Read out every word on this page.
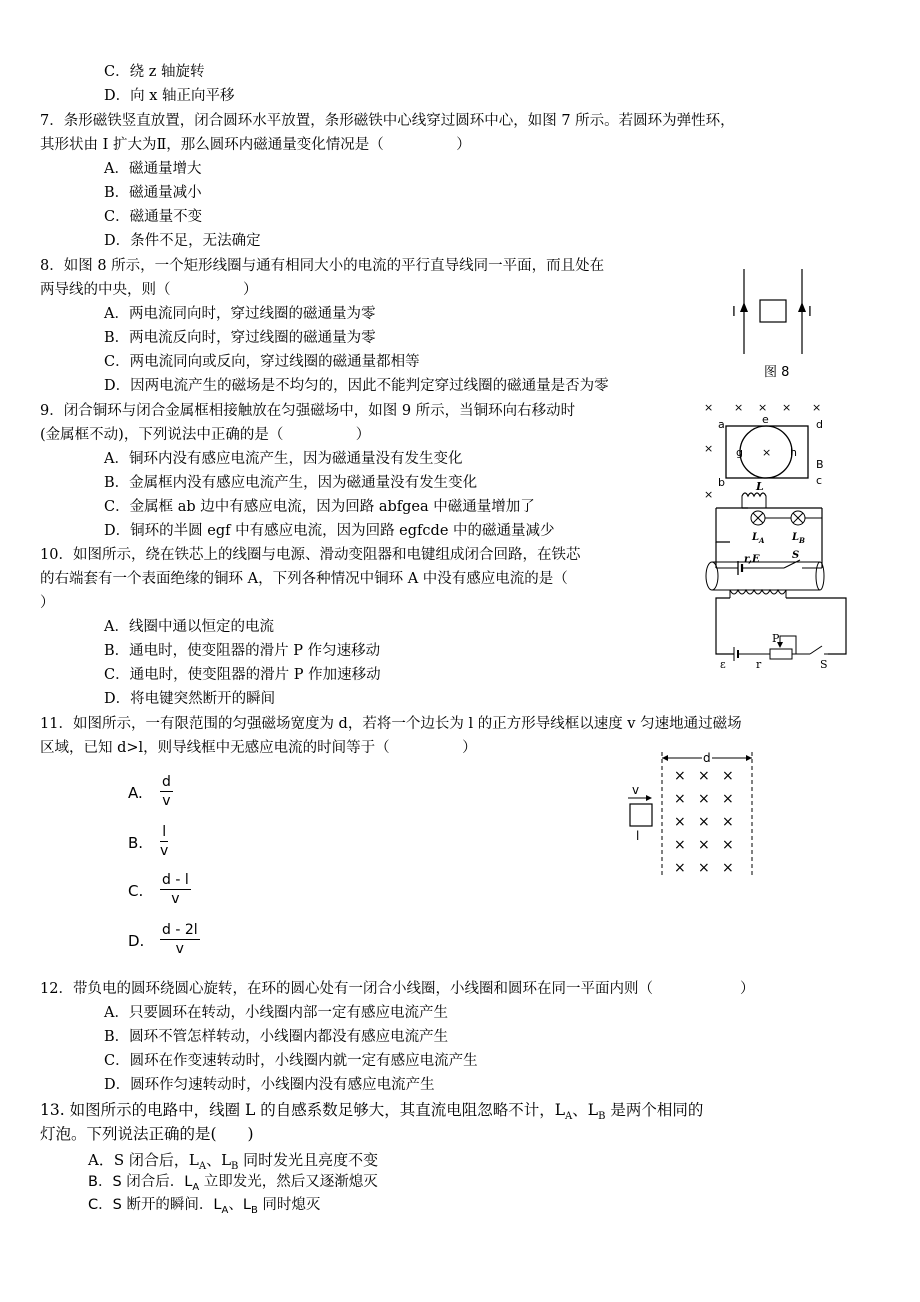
C．绕 z 轴旋转
D．向 x 轴正向平移
7．条形磁铁竖直放置，闭合圆环水平放置，条形磁铁中心线穿过圆环中心，如图 7 所示。若圆环为弹性环，
其形状由 I 扩大为Ⅱ，那么圆环内磁通量变化情况是（　　　　　）
A．磁通量增大
B．磁通量减小
C．磁通量不变
D．条件不足，无法确定
8．如图 8 所示，一个矩形线圈与通有相同大小的电流的平行直导线同一平面，而且处在
两导线的中央，则（　　　　　）
A．两电流同向时，穿过线圈的磁通量为零
B．两电流反向时，穿过线圈的磁通量为零
C．两电流同向或反向，穿过线圈的磁通量都相等
D．因两电流产生的磁场是不均匀的，因此不能判定穿过线圈的磁通量是否为零
I	I
图 8
9．闭合铜环与闭合金属框相接触放在匀强磁场中，如图 9 所示，当铜环向右移动时
(金属框不动)，下列说法中正确的是（　　　　　）
A．铜环内没有感应电流产生，因为磁通量没有发生变化
B．金属框内没有感应电流产生，因为磁通量没有发生变化
C．金属框 ab 边中有感应电流，因为回路 abfgea 中磁通量增加了
D．铜环的半圆 egf 中有感应电流，因为回路 egfcde 中的磁通量减少
× × × × ×
×	×
×
a	d
e
g	h
B
b	c
L
$L_A$	$L_B$
r,E	S
10．如图所示，绕在铁芯上的线圈与电源、滑动变阻器和电键组成闭合回路，在铁芯
的右端套有一个表面绝缘的铜环 A，下列各种情况中铜环 A 中没有感应电流的是（
）
A．线圈中通以恒定的电流
B．通电时，使变阻器的滑片 P 作匀速移动
C．通电时，使变阻器的滑片 P 作加速移动
D．将电键突然断开的瞬间
ε	r
P
S
11．如图所示，一有限范围的匀强磁场宽度为 d，若将一个边长为 l 的正方形导线框以速度 v 匀速地通过磁场
区域，已知 d>l，则导线框中无感应电流的时间等于（　　　　　）
A. $\frac{d}{v}$
B. $\frac{l}{v}$
C. $\frac{d - l}{v}$
D. $\frac{d - 2l}{v}$
d
× × ×
× × ×
× × ×
× × ×
× × ×
v
l
12．带负电的圆环绕圆心旋转，在环的圆心处有一闭合小线圈，小线圈和圆环在同一平面内则（　　　　　　）
A．只要圆环在转动，小线圈内部一定有感应电流产生
B．圆环不管怎样转动，小线圈内都没有感应电流产生
C．圆环在作变速转动时，小线圈内就一定有感应电流产生
D．圆环作匀速转动时，小线圈内没有感应电流产生
13. 如图所示的电路中，线圈 L 的自感系数足够大，其直流电阻忽略不计，$L_A$、$L_B$ 是两个相同的
灯泡。下列说法正确的是(　　)
A．S 闭合后，$L_A$、$L_B$ 同时发光且亮度不变
B．S 闭合后．$L_A$ 立即发光，然后又逐渐熄灭
C．S 断开的瞬间．$L_A$、$L_B$ 同时熄灭
